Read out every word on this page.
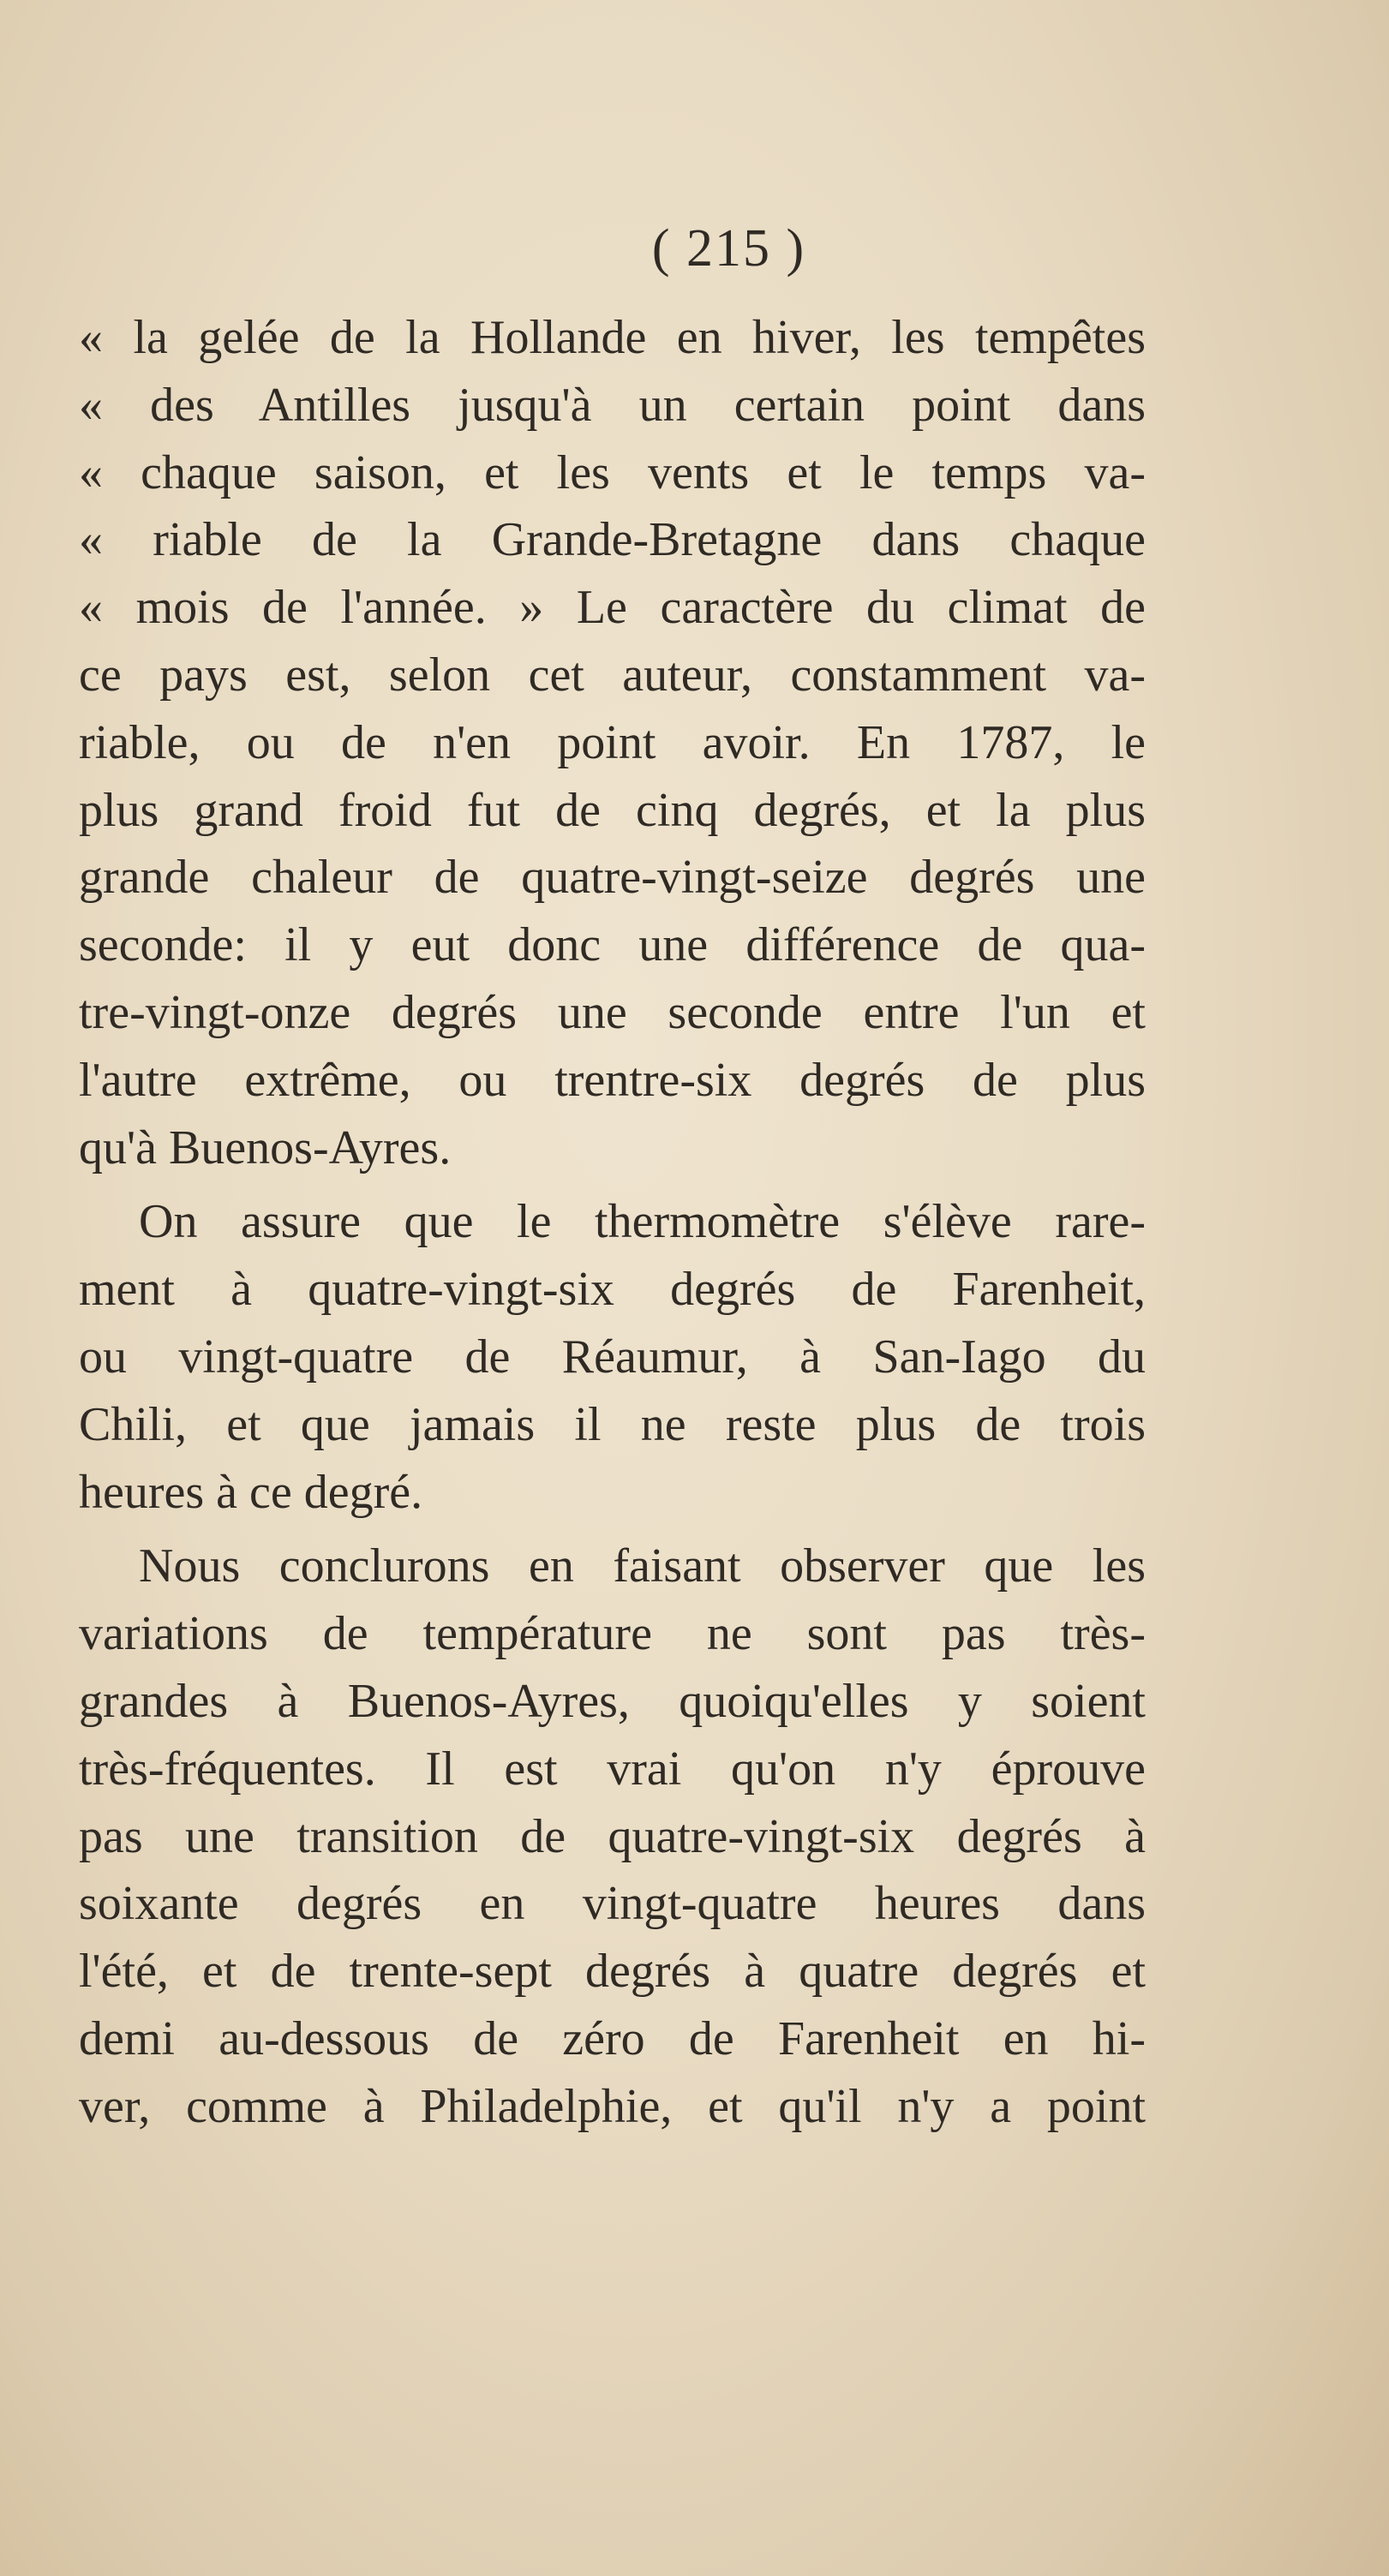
( 215 )
« la gelée de la Hollande en hiver, les tempêtes
« des Antilles jusqu'à un certain point dans
« chaque saison, et les vents et le temps va-
« riable de la Grande-Bretagne dans chaque
« mois de l'année. » Le caractère du climat de
ce pays est, selon cet auteur, constamment va-
riable, ou de n'en point avoir. En 1787, le
plus grand froid fut de cinq degrés, et la plus
grande chaleur de quatre-vingt-seize degrés une
seconde: il y eut donc une différence de qua-
tre-vingt-onze degrés une seconde entre l'un et
l'autre extrême, ou trentre-six degrés de plus
qu'à Buenos-Ayres.
On assure que le thermomètre s'élève rare-
ment à quatre-vingt-six degrés de Farenheit,
ou vingt-quatre de Réaumur, à San-Iago du
Chili, et que jamais il ne reste plus de trois
heures à ce degré.
Nous conclurons en faisant observer que les
variations de température ne sont pas très-
grandes à Buenos-Ayres, quoiqu'elles y soient
très-fréquentes. Il est vrai qu'on n'y éprouve
pas une transition de quatre-vingt-six degrés à
soixante degrés en vingt-quatre heures dans
l'été, et de trente-sept degrés à quatre degrés et
demi au-dessous de zéro de Farenheit en hi-
ver, comme à Philadelphie, et qu'il n'y a point
